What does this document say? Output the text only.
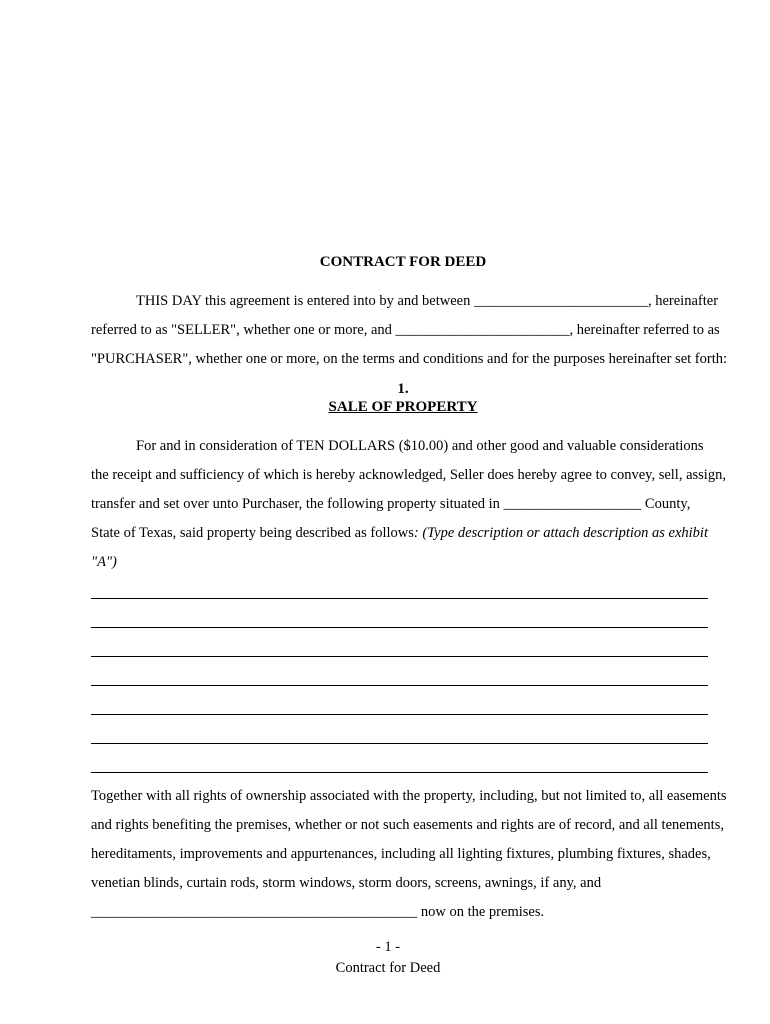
CONTRACT FOR DEED
THIS DAY this agreement is entered into by and between ________________________, hereinafter
referred to as "SELLER", whether one or more, and ________________________, hereinafter referred to as
"PURCHASER", whether one or more, on the terms and conditions and for the purposes hereinafter set forth:
1.
SALE OF PROPERTY
For and in consideration of TEN DOLLARS ($10.00) and other good and valuable considerations
the receipt and sufficiency of which is hereby acknowledged, Seller does hereby agree to convey, sell, assign,
transfer and set over unto Purchaser, the following property situated in ___________________ County,
State of Texas, said property being described as follows: (Type description or attach description as exhibit
"A")
Together with all rights of ownership associated with the property, including, but not limited to, all easements
and rights benefiting the premises, whether or not such easements and rights are of record, and all tenements,
hereditaments, improvements and appurtenances, including all lighting fixtures, plumbing fixtures, shades,
venetian blinds, curtain rods, storm windows, storm doors, screens, awnings, if any, and
_____________________________________________ now on the premises.
- 1 -
Contract for Deed
